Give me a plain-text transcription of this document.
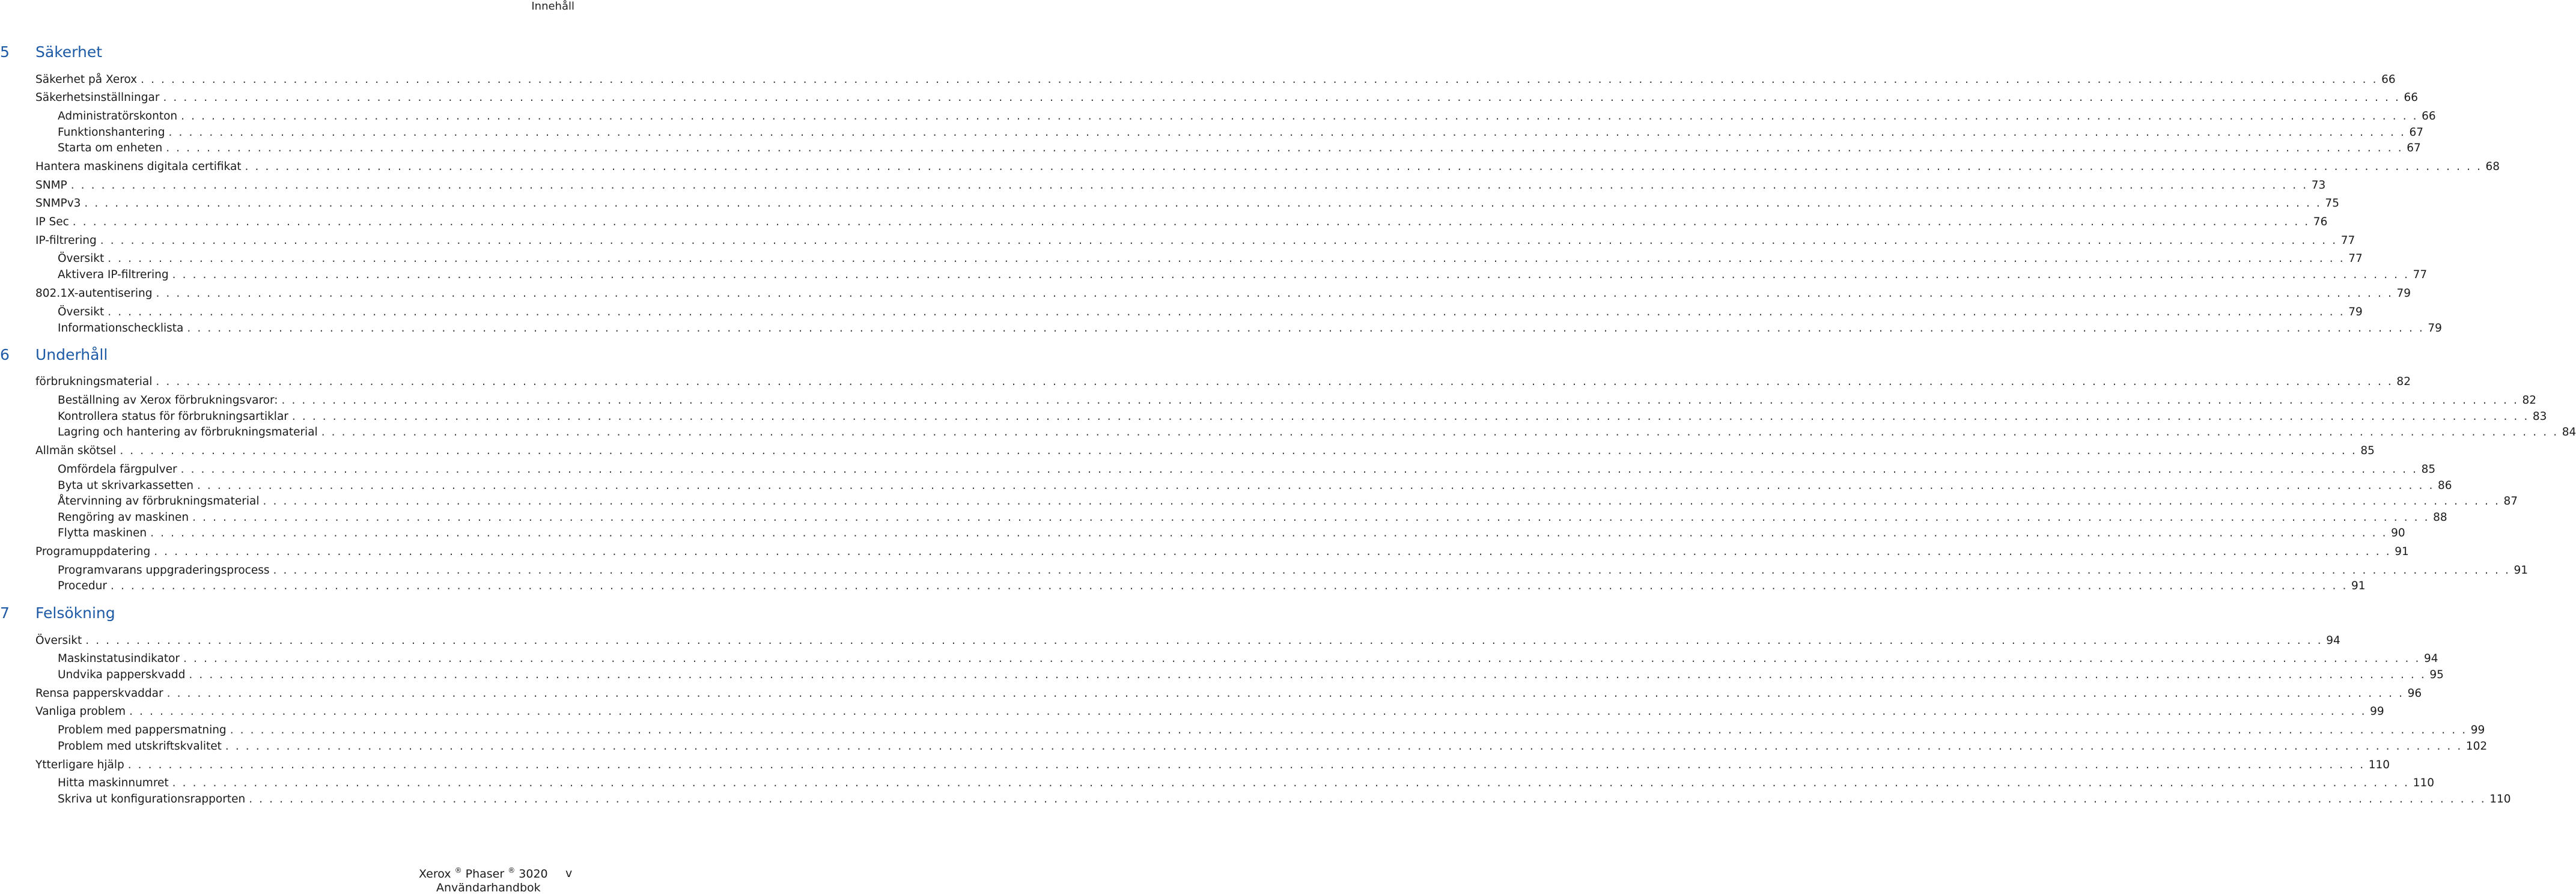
Innehåll
5 Säkerhet
Säkerhet på Xerox . . . . . . . . . . . . . . . . . . . . . . . . . . . . . . . . . . . . . . . . . . . . . . . . . . . . . . . . . . . . . . . . . . . . . . . . . . . . . . . . . . . . . . . . . . . . . . . . . . . . . . . . . . . . . . . . . . . . . . . . . . . . . . . . . . . . . . . . . . . . . . . . . . . . . . . . . . . . . . . . . . . . . . . . . . . . . . . . . . . . . . . . . . . . . . . . . . . . . . . . . . . . . . . . . . . . . . . . . . . . 66
Säkerhetsinställningar . . . . . . . . . . . . . . . . . . . . . . . . . . . . . . . . . . . . . . . . . . . . . . . . . . . . . . . . . . . . . . . . . . . . . . . . . . . . . . . . . . . . . . . . . . . . . . . . . . . . . . . . . . . . . . . . . . . . . . . . . . . . . . . . . . . . . . . . . . . . . . . . . . . . . . . . . . . . . . . . . . . . . . . . . . . . . . . . . . . . . . . . . . . . . . . . . . . . . . . . . . . . . . . . . . . . . . . . . . . . 66
Administratörskonton . . . . . . . . . . . . . . . . . . . . . . . . . . . . . . . . . . . . . . . . . . . . . . . . . . . . . . . . . . . . . . . . . . . . . . . . . . . . . . . . . . . . . . . . . . . . . . . . . . . . . . . . . . . . . . . . . . . . . . . . . . . . . . . . . . . . . . . . . . . . . . . . . . . . . . . . . . . . . . . . . . . . . . . . . . . . . . . . . . . . . . . . . . . . . . . . . . . . . . . . . . . . . . . . . . . . . . . . . . . . 66
Funktionshantering . . . . . . . . . . . . . . . . . . . . . . . . . . . . . . . . . . . . . . . . . . . . . . . . . . . . . . . . . . . . . . . . . . . . . . . . . . . . . . . . . . . . . . . . . . . . . . . . . . . . . . . . . . . . . . . . . . . . . . . . . . . . . . . . . . . . . . . . . . . . . . . . . . . . . . . . . . . . . . . . . . . . . . . . . . . . . . . . . . . . . . . . . . . . . . . . . . . . . . . . . . . . . . . . . . . . . . . . . . . . 67
Starta om enheten . . . . . . . . . . . . . . . . . . . . . . . . . . . . . . . . . . . . . . . . . . . . . . . . . . . . . . . . . . . . . . . . . . . . . . . . . . . . . . . . . . . . . . . . . . . . . . . . . . . . . . . . . . . . . . . . . . . . . . . . . . . . . . . . . . . . . . . . . . . . . . . . . . . . . . . . . . . . . . . . . . . . . . . . . . . . . . . . . . . . . . . . . . . . . . . . . . . . . . . . . . . . . . . . . . . . . . . . . . . . 67
Hantera maskinens digitala certifikat . . . . . . . . . . . . . . . . . . . . . . . . . . . . . . . . . . . . . . . . . . . . . . . . . . . . . . . . . . . . . . . . . . . . . . . . . . . . . . . . . . . . . . . . . . . . . . . . . . . . . . . . . . . . . . . . . . . . . . . . . . . . . . . . . . . . . . . . . . . . . . . . . . . . . . . . . . . . . . . . . . . . . . . . . . . . . . . . . . . . . . . . . . . . . . . . . . . . . . . . . . . . . . . . . . . . . . . . . . . . 68
SNMP . . . . . . . . . . . . . . . . . . . . . . . . . . . . . . . . . . . . . . . . . . . . . . . . . . . . . . . . . . . . . . . . . . . . . . . . . . . . . . . . . . . . . . . . . . . . . . . . . . . . . . . . . . . . . . . . . . . . . . . . . . . . . . . . . . . . . . . . . . . . . . . . . . . . . . . . . . . . . . . . . . . . . . . . . . . . . . . . . . . . . . . . . . . . . . . . . . . . . . . . . . . . . . . . . . . . . . . . . . . . 73
SNMPv3 . . . . . . . . . . . . . . . . . . . . . . . . . . . . . . . . . . . . . . . . . . . . . . . . . . . . . . . . . . . . . . . . . . . . . . . . . . . . . . . . . . . . . . . . . . . . . . . . . . . . . . . . . . . . . . . . . . . . . . . . . . . . . . . . . . . . . . . . . . . . . . . . . . . . . . . . . . . . . . . . . . . . . . . . . . . . . . . . . . . . . . . . . . . . . . . . . . . . . . . . . . . . . . . . . . . . . . . . . . . . 75
IP Sec . . . . . . . . . . . . . . . . . . . . . . . . . . . . . . . . . . . . . . . . . . . . . . . . . . . . . . . . . . . . . . . . . . . . . . . . . . . . . . . . . . . . . . . . . . . . . . . . . . . . . . . . . . . . . . . . . . . . . . . . . . . . . . . . . . . . . . . . . . . . . . . . . . . . . . . . . . . . . . . . . . . . . . . . . . . . . . . . . . . . . . . . . . . . . . . . . . . . . . . . . . . . . . . . . . . . . . . . . . . . 76
IP-filtrering . . . . . . . . . . . . . . . . . . . . . . . . . . . . . . . . . . . . . . . . . . . . . . . . . . . . . . . . . . . . . . . . . . . . . . . . . . . . . . . . . . . . . . . . . . . . . . . . . . . . . . . . . . . . . . . . . . . . . . . . . . . . . . . . . . . . . . . . . . . . . . . . . . . . . . . . . . . . . . . . . . . . . . . . . . . . . . . . . . . . . . . . . . . . . . . . . . . . . . . . . . . . . . . . . . . . . . . . . . . . 77
Översikt . . . . . . . . . . . . . . . . . . . . . . . . . . . . . . . . . . . . . . . . . . . . . . . . . . . . . . . . . . . . . . . . . . . . . . . . . . . . . . . . . . . . . . . . . . . . . . . . . . . . . . . . . . . . . . . . . . . . . . . . . . . . . . . . . . . . . . . . . . . . . . . . . . . . . . . . . . . . . . . . . . . . . . . . . . . . . . . . . . . . . . . . . . . . . . . . . . . . . . . . . . . . . . . . . . . . . . . . . . . . 77
Aktivera IP-filtrering . . . . . . . . . . . . . . . . . . . . . . . . . . . . . . . . . . . . . . . . . . . . . . . . . . . . . . . . . . . . . . . . . . . . . . . . . . . . . . . . . . . . . . . . . . . . . . . . . . . . . . . . . . . . . . . . . . . . . . . . . . . . . . . . . . . . . . . . . . . . . . . . . . . . . . . . . . . . . . . . . . . . . . . . . . . . . . . . . . . . . . . . . . . . . . . . . . . . . . . . . . . . . . . . . . . . . . . . . . . . 77
802.1X-autentisering . . . . . . . . . . . . . . . . . . . . . . . . . . . . . . . . . . . . . . . . . . . . . . . . . . . . . . . . . . . . . . . . . . . . . . . . . . . . . . . . . . . . . . . . . . . . . . . . . . . . . . . . . . . . . . . . . . . . . . . . . . . . . . . . . . . . . . . . . . . . . . . . . . . . . . . . . . . . . . . . . . . . . . . . . . . . . . . . . . . . . . . . . . . . . . . . . . . . . . . . . . . . . . . . . . . . . . . . . . . . 79
Översikt . . . . . . . . . . . . . . . . . . . . . . . . . . . . . . . . . . . . . . . . . . . . . . . . . . . . . . . . . . . . . . . . . . . . . . . . . . . . . . . . . . . . . . . . . . . . . . . . . . . . . . . . . . . . . . . . . . . . . . . . . . . . . . . . . . . . . . . . . . . . . . . . . . . . . . . . . . . . . . . . . . . . . . . . . . . . . . . . . . . . . . . . . . . . . . . . . . . . . . . . . . . . . . . . . . . . . . . . . . . . 79
Informationschecklista . . . . . . . . . . . . . . . . . . . . . . . . . . . . . . . . . . . . . . . . . . . . . . . . . . . . . . . . . . . . . . . . . . . . . . . . . . . . . . . . . . . . . . . . . . . . . . . . . . . . . . . . . . . . . . . . . . . . . . . . . . . . . . . . . . . . . . . . . . . . . . . . . . . . . . . . . . . . . . . . . . . . . . . . . . . . . . . . . . . . . . . . . . . . . . . . . . . . . . . . . . . . . . . . . . . . . . . . . . . . 79
6 Underhåll
förbrukningsmaterial . . . . . . . . . . . . . . . . . . . . . . . . . . . . . . . . . . . . . . . . . . . . . . . . . . . . . . . . . . . . . . . . . . . . . . . . . . . . . . . . . . . . . . . . . . . . . . . . . . . . . . . . . . . . . . . . . . . . . . . . . . . . . . . . . . . . . . . . . . . . . . . . . . . . . . . . . . . . . . . . . . . . . . . . . . . . . . . . . . . . . . . . . . . . . . . . . . . . . . . . . . . . . . . . . . . . . . . . . . . . 82
Beställning av Xerox förbrukningsvaror: . . . . . . . . . . . . . . . . . . . . . . . . . . . . . . . . . . . . . . . . . . . . . . . . . . . . . . . . . . . . . . . . . . . . . . . . . . . . . . . . . . . . . . . . . . . . . . . . . . . . . . . . . . . . . . . . . . . . . . . . . . . . . . . . . . . . . . . . . . . . . . . . . . . . . . . . . . . . . . . . . . . . . . . . . . . . . . . . . . . . . . . . . . . . . . . . . . . . . . . . . . . . . . . . . . . . . . . . . . . . 82
Kontrollera status för förbrukningsartiklar . . . . . . . . . . . . . . . . . . . . . . . . . . . . . . . . . . . . . . . . . . . . . . . . . . . . . . . . . . . . . . . . . . . . . . . . . . . . . . . . . . . . . . . . . . . . . . . . . . . . . . . . . . . . . . . . . . . . . . . . . . . . . . . . . . . . . . . . . . . . . . . . . . . . . . . . . . . . . . . . . . . . . . . . . . . . . . . . . . . . . . . . . . . . . . . . . . . . . . . . . . . . . . . . . . . . . . . . . . . . 83
Lagring och hantering av förbrukningsmaterial . . . . . . . . . . . . . . . . . . . . . . . . . . . . . . . . . . . . . . . . . . . . . . . . . . . . . . . . . . . . . . . . . . . . . . . . . . . . . . . . . . . . . . . . . . . . . . . . . . . . . . . . . . . . . . . . . . . . . . . . . . . . . . . . . . . . . . . . . . . . . . . . . . . . . . . . . . . . . . . . . . . . . . . . . . . . . . . . . . . . . . . . . . . . . . . . . . . . . . . . . . . . . . . . . . . . . . . . . . . . 84
Allmän skötsel . . . . . . . . . . . . . . . . . . . . . . . . . . . . . . . . . . . . . . . . . . . . . . . . . . . . . . . . . . . . . . . . . . . . . . . . . . . . . . . . . . . . . . . . . . . . . . . . . . . . . . . . . . . . . . . . . . . . . . . . . . . . . . . . . . . . . . . . . . . . . . . . . . . . . . . . . . . . . . . . . . . . . . . . . . . . . . . . . . . . . . . . . . . . . . . . . . . . . . . . . . . . . . . . . . . . . . . . . . . . 85
Omfördela färgpulver . . . . . . . . . . . . . . . . . . . . . . . . . . . . . . . . . . . . . . . . . . . . . . . . . . . . . . . . . . . . . . . . . . . . . . . . . . . . . . . . . . . . . . . . . . . . . . . . . . . . . . . . . . . . . . . . . . . . . . . . . . . . . . . . . . . . . . . . . . . . . . . . . . . . . . . . . . . . . . . . . . . . . . . . . . . . . . . . . . . . . . . . . . . . . . . . . . . . . . . . . . . . . . . . . . . . . . . . . . . . 85
Byta ut skrivarkassetten . . . . . . . . . . . . . . . . . . . . . . . . . . . . . . . . . . . . . . . . . . . . . . . . . . . . . . . . . . . . . . . . . . . . . . . . . . . . . . . . . . . . . . . . . . . . . . . . . . . . . . . . . . . . . . . . . . . . . . . . . . . . . . . . . . . . . . . . . . . . . . . . . . . . . . . . . . . . . . . . . . . . . . . . . . . . . . . . . . . . . . . . . . . . . . . . . . . . . . . . . . . . . . . . . . . . . . . . . . . . 86
Återvinning av förbrukningsmaterial . . . . . . . . . . . . . . . . . . . . . . . . . . . . . . . . . . . . . . . . . . . . . . . . . . . . . . . . . . . . . . . . . . . . . . . . . . . . . . . . . . . . . . . . . . . . . . . . . . . . . . . . . . . . . . . . . . . . . . . . . . . . . . . . . . . . . . . . . . . . . . . . . . . . . . . . . . . . . . . . . . . . . . . . . . . . . . . . . . . . . . . . . . . . . . . . . . . . . . . . . . . . . . . . . . . . . . . . . . . . 87
Rengöring av maskinen . . . . . . . . . . . . . . . . . . . . . . . . . . . . . . . . . . . . . . . . . . . . . . . . . . . . . . . . . . . . . . . . . . . . . . . . . . . . . . . . . . . . . . . . . . . . . . . . . . . . . . . . . . . . . . . . . . . . . . . . . . . . . . . . . . . . . . . . . . . . . . . . . . . . . . . . . . . . . . . . . . . . . . . . . . . . . . . . . . . . . . . . . . . . . . . . . . . . . . . . . . . . . . . . . . . . . . . . . . . . 88
Flytta maskinen . . . . . . . . . . . . . . . . . . . . . . . . . . . . . . . . . . . . . . . . . . . . . . . . . . . . . . . . . . . . . . . . . . . . . . . . . . . . . . . . . . . . . . . . . . . . . . . . . . . . . . . . . . . . . . . . . . . . . . . . . . . . . . . . . . . . . . . . . . . . . . . . . . . . . . . . . . . . . . . . . . . . . . . . . . . . . . . . . . . . . . . . . . . . . . . . . . . . . . . . . . . . . . . . . . . . . . . . . . . . 90
Programuppdatering . . . . . . . . . . . . . . . . . . . . . . . . . . . . . . . . . . . . . . . . . . . . . . . . . . . . . . . . . . . . . . . . . . . . . . . . . . . . . . . . . . . . . . . . . . . . . . . . . . . . . . . . . . . . . . . . . . . . . . . . . . . . . . . . . . . . . . . . . . . . . . . . . . . . . . . . . . . . . . . . . . . . . . . . . . . . . . . . . . . . . . . . . . . . . . . . . . . . . . . . . . . . . . . . . . . . . . . . . . . . 91
Programvarans uppgraderingsprocess . . . . . . . . . . . . . . . . . . . . . . . . . . . . . . . . . . . . . . . . . . . . . . . . . . . . . . . . . . . . . . . . . . . . . . . . . . . . . . . . . . . . . . . . . . . . . . . . . . . . . . . . . . . . . . . . . . . . . . . . . . . . . . . . . . . . . . . . . . . . . . . . . . . . . . . . . . . . . . . . . . . . . . . . . . . . . . . . . . . . . . . . . . . . . . . . . . . . . . . . . . . . . . . . . . . . . . . . . . . . 91
Procedur . . . . . . . . . . . . . . . . . . . . . . . . . . . . . . . . . . . . . . . . . . . . . . . . . . . . . . . . . . . . . . . . . . . . . . . . . . . . . . . . . . . . . . . . . . . . . . . . . . . . . . . . . . . . . . . . . . . . . . . . . . . . . . . . . . . . . . . . . . . . . . . . . . . . . . . . . . . . . . . . . . . . . . . . . . . . . . . . . . . . . . . . . . . . . . . . . . . . . . . . . . . . . . . . . . . . . . . . . . . . 91
7 Felsökning
Översikt . . . . . . . . . . . . . . . . . . . . . . . . . . . . . . . . . . . . . . . . . . . . . . . . . . . . . . . . . . . . . . . . . . . . . . . . . . . . . . . . . . . . . . . . . . . . . . . . . . . . . . . . . . . . . . . . . . . . . . . . . . . . . . . . . . . . . . . . . . . . . . . . . . . . . . . . . . . . . . . . . . . . . . . . . . . . . . . . . . . . . . . . . . . . . . . . . . . . . . . . . . . . . . . . . . . . . . . . . . . . 94
Maskinstatusindikator . . . . . . . . . . . . . . . . . . . . . . . . . . . . . . . . . . . . . . . . . . . . . . . . . . . . . . . . . . . . . . . . . . . . . . . . . . . . . . . . . . . . . . . . . . . . . . . . . . . . . . . . . . . . . . . . . . . . . . . . . . . . . . . . . . . . . . . . . . . . . . . . . . . . . . . . . . . . . . . . . . . . . . . . . . . . . . . . . . . . . . . . . . . . . . . . . . . . . . . . . . . . . . . . . . . . . . . . . . . . 94
Undvika papperskvadd . . . . . . . . . . . . . . . . . . . . . . . . . . . . . . . . . . . . . . . . . . . . . . . . . . . . . . . . . . . . . . . . . . . . . . . . . . . . . . . . . . . . . . . . . . . . . . . . . . . . . . . . . . . . . . . . . . . . . . . . . . . . . . . . . . . . . . . . . . . . . . . . . . . . . . . . . . . . . . . . . . . . . . . . . . . . . . . . . . . . . . . . . . . . . . . . . . . . . . . . . . . . . . . . . . . . . . . . . . . . 95
Rensa papperskvaddar . . . . . . . . . . . . . . . . . . . . . . . . . . . . . . . . . . . . . . . . . . . . . . . . . . . . . . . . . . . . . . . . . . . . . . . . . . . . . . . . . . . . . . . . . . . . . . . . . . . . . . . . . . . . . . . . . . . . . . . . . . . . . . . . . . . . . . . . . . . . . . . . . . . . . . . . . . . . . . . . . . . . . . . . . . . . . . . . . . . . . . . . . . . . . . . . . . . . . . . . . . . . . . . . . . . . . . . . . . . . 96
Vanliga problem . . . . . . . . . . . . . . . . . . . . . . . . . . . . . . . . . . . . . . . . . . . . . . . . . . . . . . . . . . . . . . . . . . . . . . . . . . . . . . . . . . . . . . . . . . . . . . . . . . . . . . . . . . . . . . . . . . . . . . . . . . . . . . . . . . . . . . . . . . . . . . . . . . . . . . . . . . . . . . . . . . . . . . . . . . . . . . . . . . . . . . . . . . . . . . . . . . . . . . . . . . . . . . . . . . . . . . . . . . . . 99
Problem med pappersmatning . . . . . . . . . . . . . . . . . . . . . . . . . . . . . . . . . . . . . . . . . . . . . . . . . . . . . . . . . . . . . . . . . . . . . . . . . . . . . . . . . . . . . . . . . . . . . . . . . . . . . . . . . . . . . . . . . . . . . . . . . . . . . . . . . . . . . . . . . . . . . . . . . . . . . . . . . . . . . . . . . . . . . . . . . . . . . . . . . . . . . . . . . . . . . . . . . . . . . . . . . . . . . . . . . . . . . . . . . . . . 99
Problem med utskriftskvalitet . . . . . . . . . . . . . . . . . . . . . . . . . . . . . . . . . . . . . . . . . . . . . . . . . . . . . . . . . . . . . . . . . . . . . . . . . . . . . . . . . . . . . . . . . . . . . . . . . . . . . . . . . . . . . . . . . . . . . . . . . . . . . . . . . . . . . . . . . . . . . . . . . . . . . . . . . . . . . . . . . . . . . . . . . . . . . . . . . . . . . . . . . . . . . . . . . . . . . . . . . . . . . . . . . . . . . . . . . . . . 102
Ytterligare hjälp . . . . . . . . . . . . . . . . . . . . . . . . . . . . . . . . . . . . . . . . . . . . . . . . . . . . . . . . . . . . . . . . . . . . . . . . . . . . . . . . . . . . . . . . . . . . . . . . . . . . . . . . . . . . . . . . . . . . . . . . . . . . . . . . . . . . . . . . . . . . . . . . . . . . . . . . . . . . . . . . . . . . . . . . . . . . . . . . . . . . . . . . . . . . . . . . . . . . . . . . . . . . . . . . . . . . . . . . . . . . 110
Hitta maskinnumret . . . . . . . . . . . . . . . . . . . . . . . . . . . . . . . . . . . . . . . . . . . . . . . . . . . . . . . . . . . . . . . . . . . . . . . . . . . . . . . . . . . . . . . . . . . . . . . . . . . . . . . . . . . . . . . . . . . . . . . . . . . . . . . . . . . . . . . . . . . . . . . . . . . . . . . . . . . . . . . . . . . . . . . . . . . . . . . . . . . . . . . . . . . . . . . . . . . . . . . . . . . . . . . . . . . . . . . . . . . . 110
Skriva ut konfigurationsrapporten . . . . . . . . . . . . . . . . . . . . . . . . . . . . . . . . . . . . . . . . . . . . . . . . . . . . . . . . . . . . . . . . . . . . . . . . . . . . . . . . . . . . . . . . . . . . . . . . . . . . . . . . . . . . . . . . . . . . . . . . . . . . . . . . . . . . . . . . . . . . . . . . . . . . . . . . . . . . . . . . . . . . . . . . . . . . . . . . . . . . . . . . . . . . . . . . . . . . . . . . . . . . . . . . . . . . . . . . . . . . 110
Xerox ® Phaser ® 3020
Användarhandbok
v
